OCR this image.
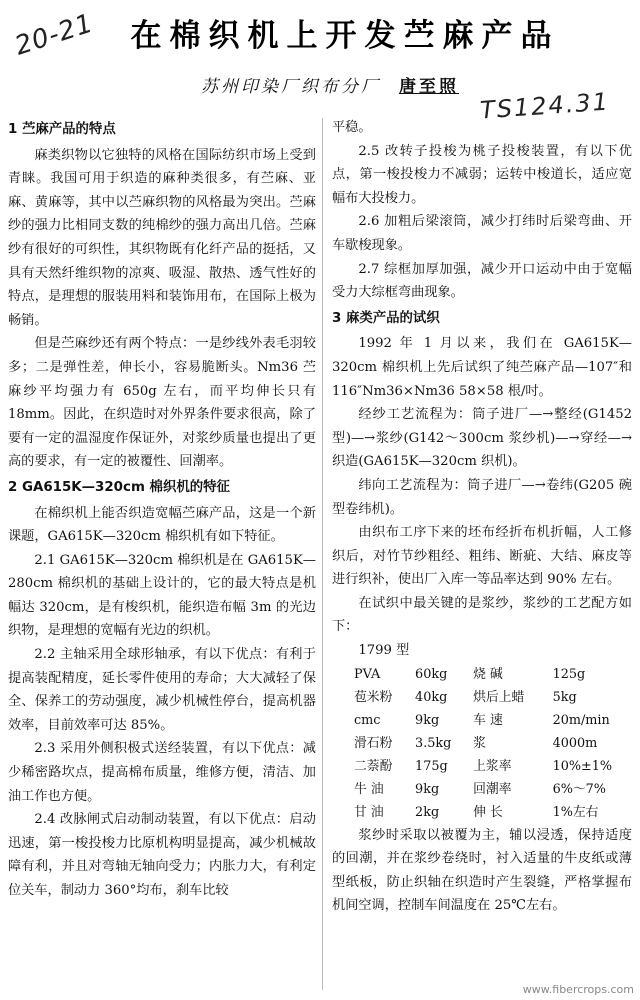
20-21
TS124.31
在棉织机上开发苎麻产品
苏州印染厂织布分厂 唐至照
1 苎麻产品的特点

麻类织物以它独特的风格在国际纺织市场上受到青睐。我国可用于织造的麻种类很多，有苎麻、亚麻、黄麻等，其中以苎麻织物的风格最为突出。苎麻纱的强力比相同支数的纯棉纱的强力高出几倍。苎麻纱有很好的可织性，其织物既有化纤产品的挺括，又具有天然纤维织物的凉爽、吸湿、散热、透气性好的特点，是理想的服装用料和装饰用布，在国际上极为畅销。

但是苎麻纱还有两个特点：一是纱线外表毛羽较多；二是弹性差，伸长小，容易脆断头。Nm36 苎麻纱平均强力有 650g 左右，而平均伸长只有 18mm。因此，在织造时对外界条件要求很高，除了要有一定的温湿度作保证外，对浆纱质量也提出了更高的要求，有一定的被覆性、回潮率。

2 GA615K—320cm 棉织机的特征

在棉织机上能否织造宽幅苎麻产品，这是一个新课题，GA615K—320cm 棉织机有如下特征。

2.1 GA615K—320cm 棉织机是在 GA615K—280cm 棉织机的基础上设计的，它的最大特点是机幅达 320cm，是有梭织机，能织造布幅 3m 的光边织物，是理想的宽幅有光边的织机。

2.2 主轴采用全球形轴承，有以下优点：有利于提高装配精度，延长零件使用的寿命；大大减轻了保全、保养工的劳动强度，减少机械性停台，提高机器效率，目前效率可达 85%。

2.3 采用外侧积极式送经装置，有以下优点：减少稀密路坎点，提高棉布质量，维修方便，清洁、加油工作也方便。

2.4 改脉闸式启动制动装置，有以下优点：启动迅速，第一梭投梭力比原机构明显提高，减少机械故障有利，并且对弯轴无轴向受力；内胀力大，有利定位关车，制动力 360°均布，刹车比较

平稳。

2.5 改转子投梭为桃子投梭装置，有以下优点，第一梭投梭力不减弱；运转中梭道长，适应宽幅布大投梭力。

2.6 加粗后梁滚筒，减少打纬时后梁弯曲、开车歇梭现象。

2.7 综框加厚加强，减少开口运动中由于宽幅受力大综框弯曲现象。

3 麻类产品的试织

1992 年 1 月以来，我们在 GA615K—320cm 棉织机上先后试织了纯苎麻产品—107″和 116″Nm36×Nm36 58×58 根/吋。

经纱工艺流程为：筒子进厂—→整经(G1452 型)—→浆纱(G142～300cm 浆纱机)—→穿经—→织造(GA615K—320cm 织机)。

纬向工艺流程为：筒子进厂—→卷纬(G205 碗型卷纬机)。

由织布工序下来的坯布经折布机折幅，人工修织后，对竹节纱粗经、粗纬、断疵、大结、麻皮等进行织补，使出厂入库一等品率达到 90% 左右。

在试织中最关键的是浆纱，浆纱的工艺配方如下：

1799 型

PVA	60kg	烧 碱	125g
苞米粉	40kg	烘后上蜡	5kg
cmc	9kg	车 速	20m/min
滑石粉	3.5kg	浆	4000m
二萘酚	175g	上浆率	10%±1%
牛 油	9kg	回潮率	6%～7%
甘 油	2kg	伸 长	1%左右

浆纱时采取以被覆为主，辅以浸透，保持适度的回潮，并在浆纱卷绕时，衬入适量的牛皮纸或薄型纸板，防止织轴在织造时产生裂缝，严格掌握布机间空调，控制车间温度在 25℃左右。

www.fibercrops.com
